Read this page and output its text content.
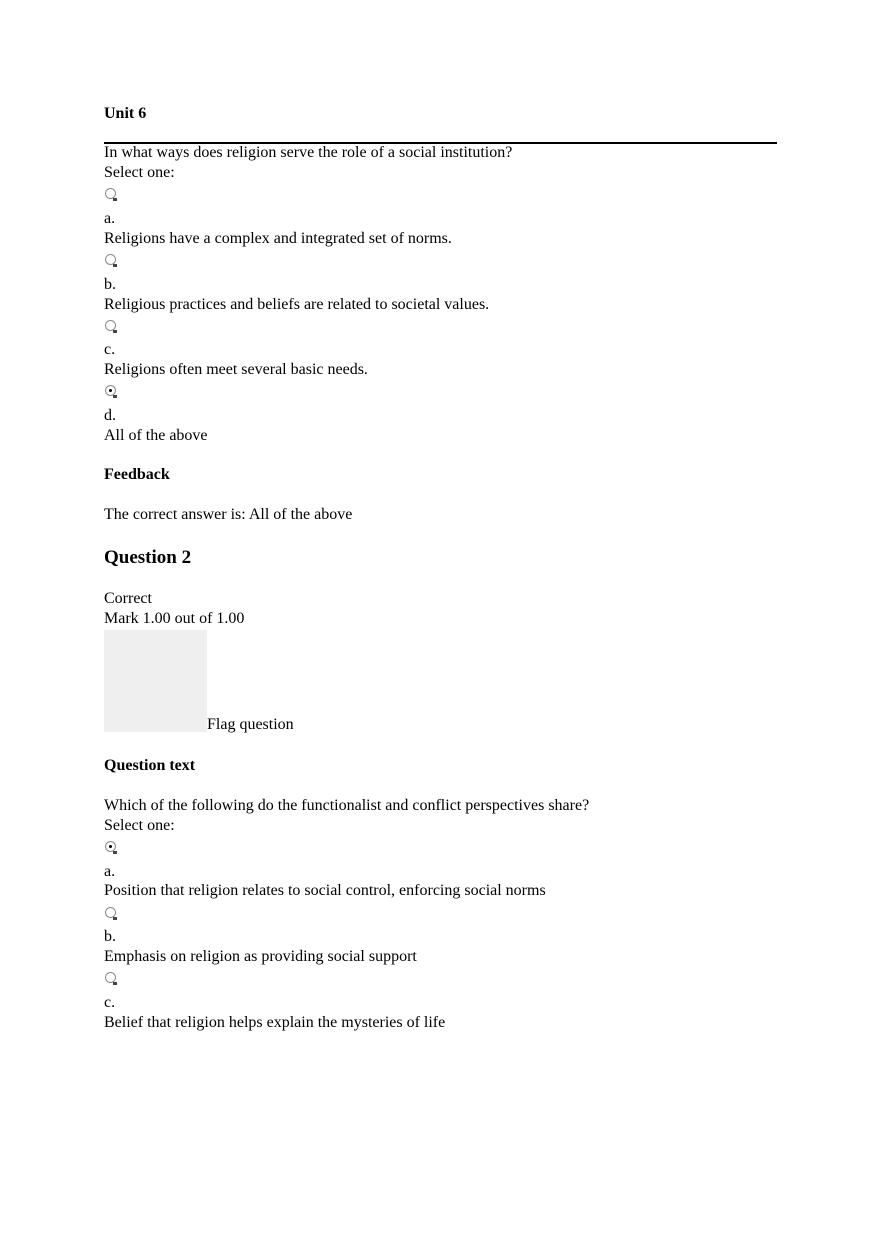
Unit 6
In what ways does religion serve the role of a social institution?
Select one:
a.
Religions have a complex and integrated set of norms.
b.
Religious practices and beliefs are related to societal values.
c.
Religions often meet several basic needs.
d.
All of the above
Feedback
The correct answer is: All of the above
Question 2
Correct
Mark 1.00 out of 1.00
Flag question
Question text
Which of the following do the functionalist and conflict perspectives share?
Select one:
a.
Position that religion relates to social control, enforcing social norms
b.
Emphasis on religion as providing social support
c.
Belief that religion helps explain the mysteries of life
